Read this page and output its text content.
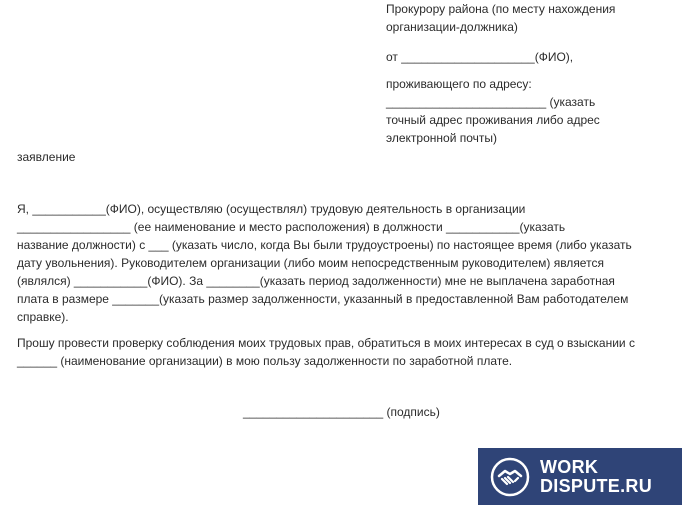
Прокурору района (по месту нахождения

организации-должника)

от ____________________(ФИО),

проживающего по адресу:

________________________ (указать

точный адрес проживания либо адрес

электронной почты)

заявление

Я, ___________(ФИО), осуществляю (осуществлял) трудовую деятельность в организации
_________________ (ее наименование и место расположения) в должности ___________(указать
название должности) с ___ (указать число, когда Вы были трудоустроены) по настоящее время (либо указать
дату увольнения). Руководителем организации (либо моим непосредственным руководителем) является
(являлся) ___________(ФИО). За ________(указать период задолженности) мне не выплачена заработная
плата в размере _______(указать размер задолженности, указанный в предоставленной Вам работодателем
справке).

Прошу провести проверку соблюдения моих трудовых прав, обратиться в моих интересах в суд о взыскании с
______ (наименование организации) в мою пользу задолженности по заработной плате.

_____________________ (подпись)

WORK
DISPUTE.RU
